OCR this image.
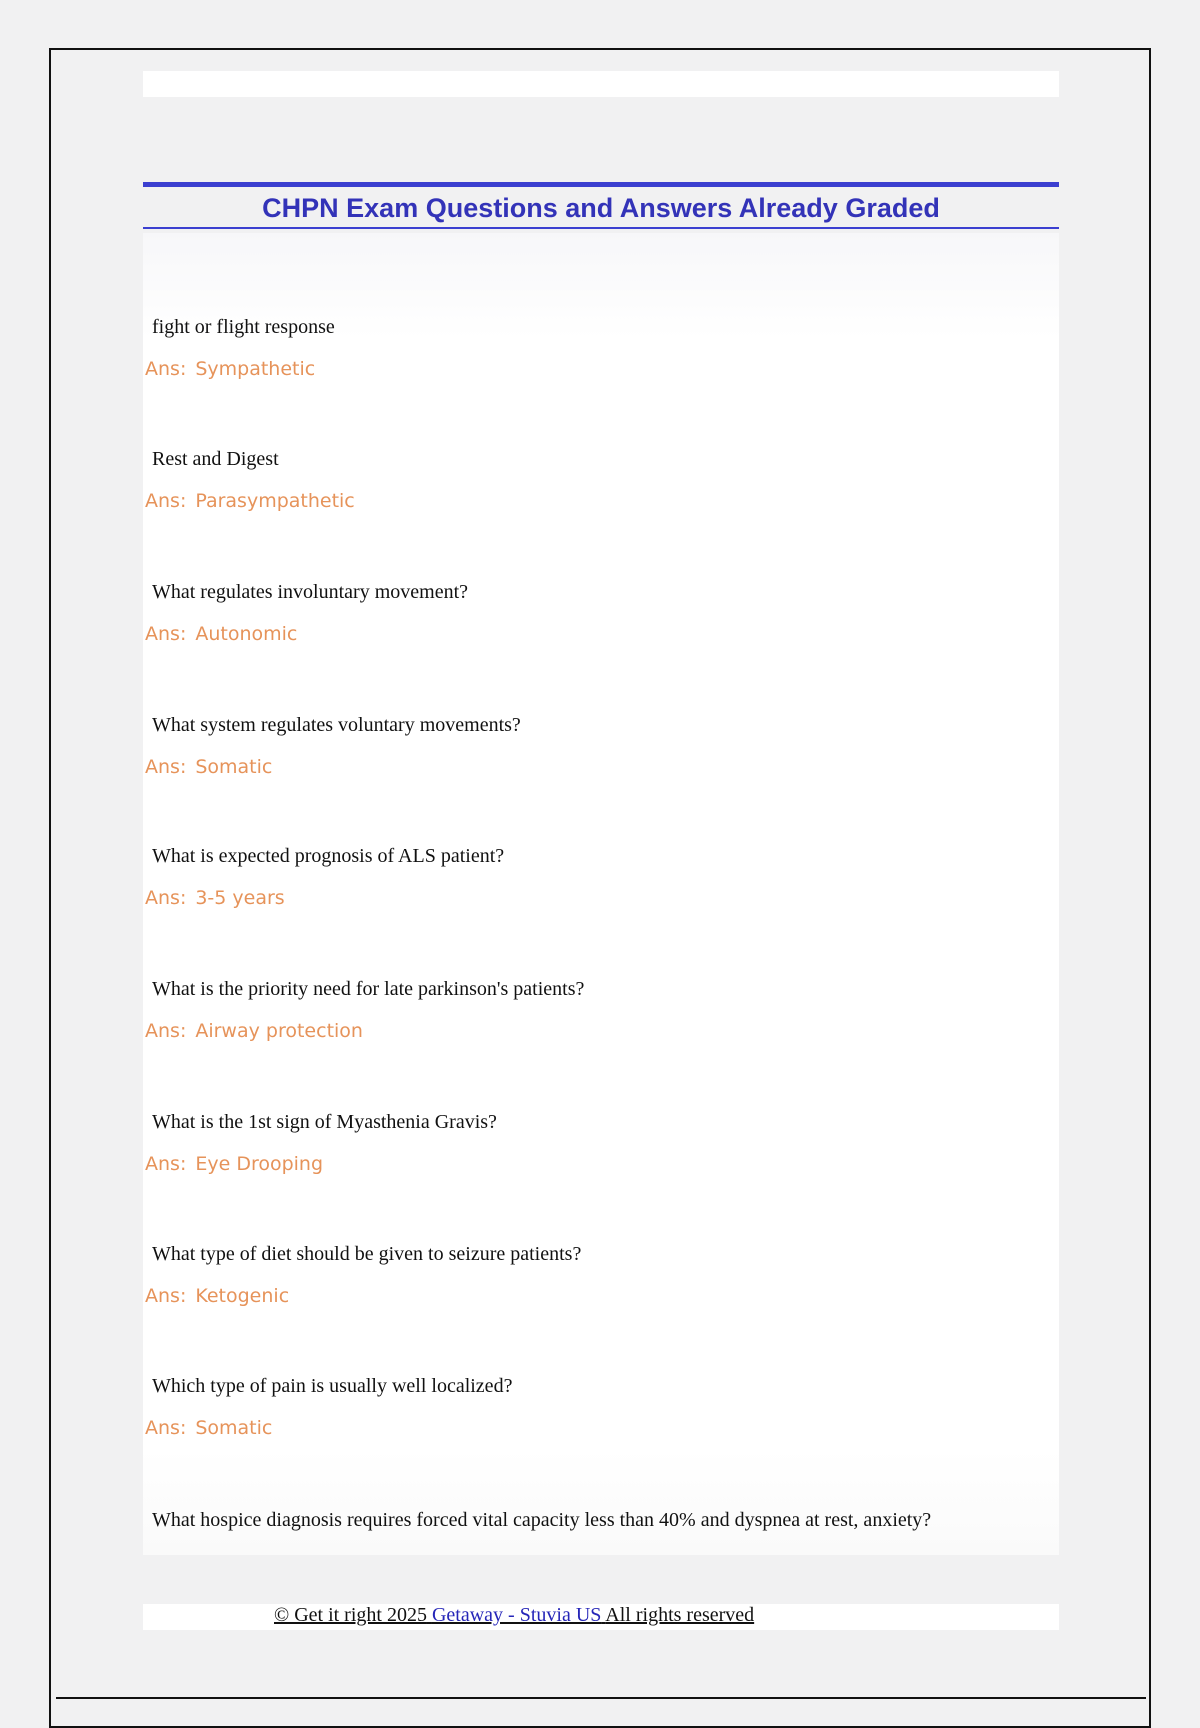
CHPN Exam Questions and Answers Already Graded
fight or flight response
Ans: Sympathetic
Rest and Digest
Ans: Parasympathetic
What regulates involuntary movement?
Ans: Autonomic
What system regulates voluntary movements?
Ans: Somatic
What is expected prognosis of ALS patient?
Ans: 3-5 years
What is the priority need for late parkinson's patients?
Ans: Airway protection
What is the 1st sign of Myasthenia Gravis?
Ans: Eye Drooping
What type of diet should be given to seizure patients?
Ans: Ketogenic
Which type of pain is usually well localized?
Ans: Somatic
What hospice diagnosis requires forced vital capacity less than 40% and dyspnea at rest, anxiety?
© Get it right 2025 Getaway - Stuvia US All rights reserved
